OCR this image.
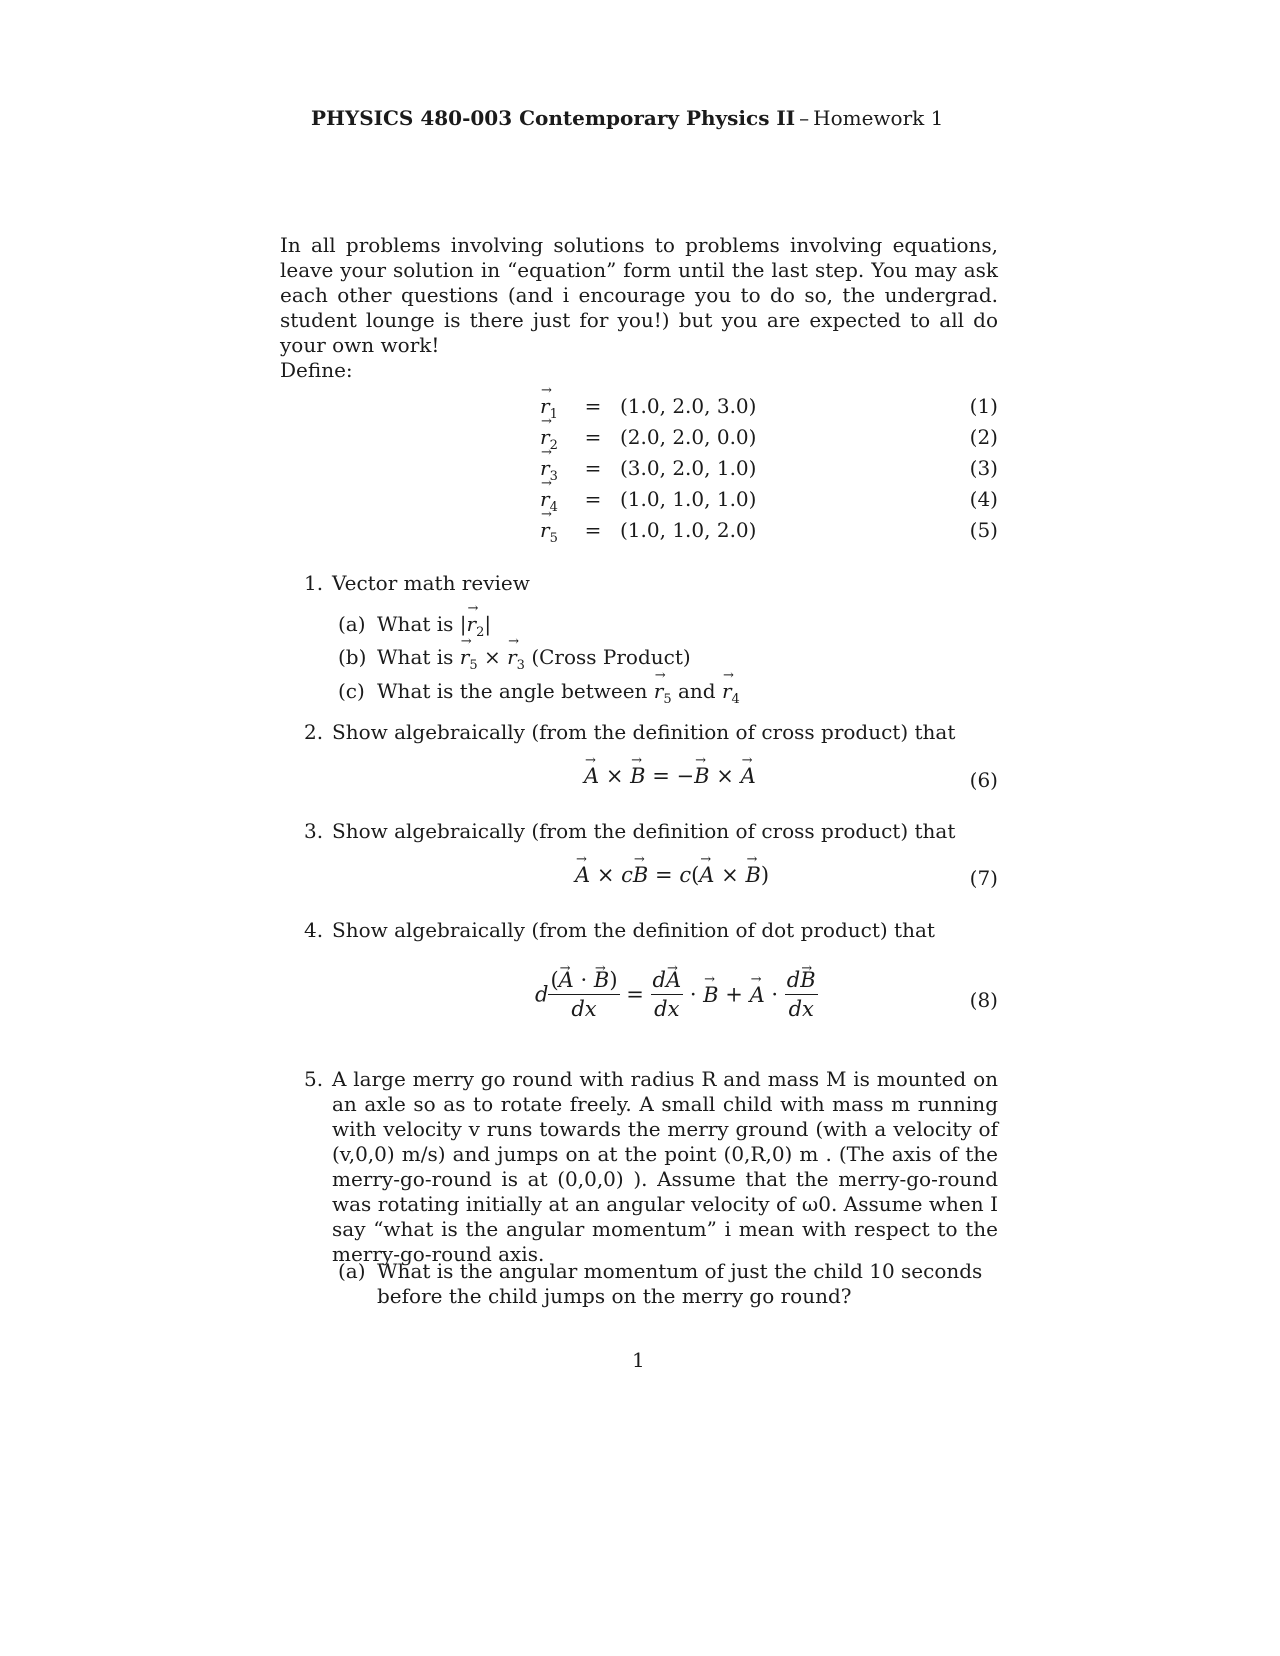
PHYSICS 480-003 Contemporary Physics II – Homework 1
In all problems involving solutions to problems involving equations, leave your solution in “equation” form until the last step. You may ask each other questions (and i encourage you to do so, the undergrad. student lounge is there just for you!) but you are expected to all do your own work!
Define:
→ $r_1$	= (1.0, 2.0, 3.0)	(1)
→ $r_2$	= (2.0, 2.0, 0.0)	(2)
→ $r_3$	= (3.0, 2.0, 1.0)	(3)
→ $r_4$	= (1.0, 1.0, 1.0)	(4)
→ $r_5$	= (1.0, 1.0, 2.0)	(5)
1. Vector math review
(a) What is |→ $r_2|$
(b) What is → $r_5$ × → $r_3$ (Cross Product)
(c) What is the angle between → $r_5$ and → $r_4$
2. Show algebraically (from the definition of cross product) that
→ A × → B = −→ B × → A	(6)
3. Show algebraically (from the definition of cross product) that
→ A × c→ B = c(→ A × → B)	(7)
4. Show algebraically (from the definition of dot product) that
d $\frac{(\to A \cdot \to B)}{dx} = \frac{d\to A}{dx}$ · → B + → $A \cdot \frac{d\to B}{dx}$	(8)
5. A large merry go round with radius R and mass M is mounted on an axle so as to rotate freely. A small child with mass m running with velocity v runs towards the merry ground (with a velocity of (v,0,0) m/s) and jumps on at the point (0,R,0) m . (The axis of the merry-go-round is at (0,0,0) ). Assume that the merry-go-round was rotating initially at an angular velocity of ω0. Assume when I say “what is the angular momentum” i mean with respect to the merry-go-round axis.
(a) What is the angular momentum of just the child 10 seconds before the child jumps on the merry go round?
1
